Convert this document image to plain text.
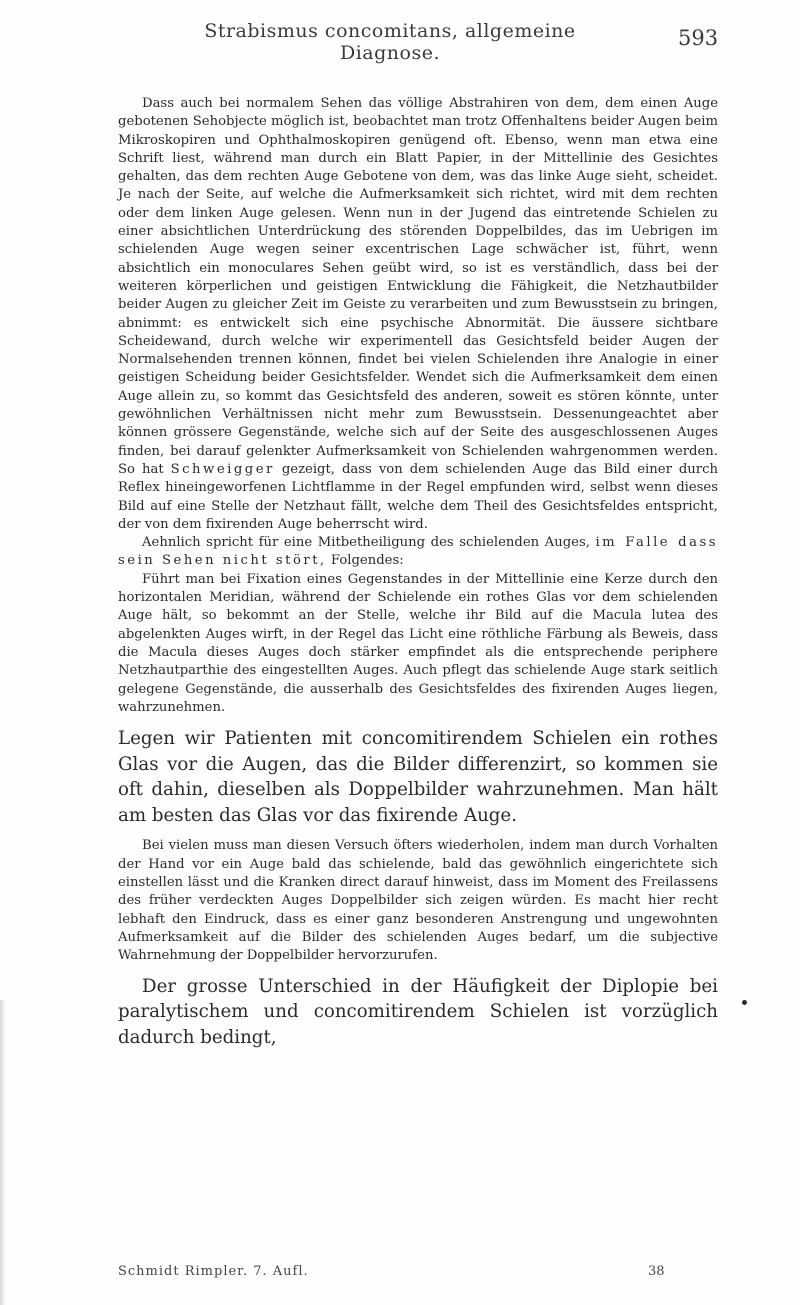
Strabismus concomitans, allgemeine Diagnose.
593

Dass auch bei normalem Sehen das völlige Abstrahiren von dem, dem einen Auge gebotenen Sehobjecte möglich ist, beobachtet man trotz Offenhaltens beider Augen beim Mikroskopiren und Ophthalmoskopiren genügend oft. Ebenso, wenn man etwa eine Schrift liest, während man durch ein Blatt Papier, in der Mittellinie des Gesichtes gehalten, das dem rechten Auge Gebotene von dem, was das linke Auge sieht, scheidet. Je nach der Seite, auf welche die Aufmerksamkeit sich richtet, wird mit dem rechten oder dem linken Auge gelesen. Wenn nun in der Jugend das eintretende Schielen zu einer absichtlichen Unterdrückung des störenden Doppelbildes, das im Uebrigen im schielenden Auge wegen seiner excentrischen Lage schwächer ist, führt, wenn absichtlich ein monoculares Sehen geübt wird, so ist es verständlich, dass bei der weiteren körperlichen und geistigen Entwicklung die Fähigkeit, die Netzhautbilder beider Augen zu gleicher Zeit im Geiste zu verarbeiten und zum Bewusstsein zu bringen, abnimmt: es entwickelt sich eine psychische Abnormität. Die äussere sichtbare Scheidewand, durch welche wir experimentell das Gesichtsfeld beider Augen der Normalsehenden trennen können, findet bei vielen Schielenden ihre Analogie in einer geistigen Scheidung beider Gesichtsfelder. Wendet sich die Aufmerksamkeit dem einen Auge allein zu, so kommt das Gesichtsfeld des anderen, soweit es stören könnte, unter gewöhnlichen Verhältnissen nicht mehr zum Bewusstsein. Dessenungeachtet aber können grössere Gegenstände, welche sich auf der Seite des ausgeschlossenen Auges finden, bei darauf gelenkter Aufmerksamkeit von Schielenden wahrgenommen werden. So hat Schweigger gezeigt, dass von dem schielenden Auge das Bild einer durch Reflex hineingeworfenen Lichtflamme in der Regel empfunden wird, selbst wenn dieses Bild auf eine Stelle der Netzhaut fällt, welche dem Theil des Gesichtsfeldes entspricht, der von dem fixirenden Auge beherrscht wird.

Aehnlich spricht für eine Mitbetheiligung des schielenden Auges, im Falle dass sein Sehen nicht stört, Folgendes:

Führt man bei Fixation eines Gegenstandes in der Mittellinie eine Kerze durch den horizontalen Meridian, während der Schielende ein rothes Glas vor dem schielenden Auge hält, so bekommt an der Stelle, welche ihr Bild auf die Macula lutea des abgelenkten Auges wirft, in der Regel das Licht eine röthliche Färbung als Beweis, dass die Macula dieses Auges doch stärker empfindet als die entsprechende periphere Netzhautparthie des eingestellten Auges. Auch pflegt das schielende Auge stark seitlich gelegene Gegenstände, die ausserhalb des Gesichtsfeldes des fixirenden Auges liegen, wahrzunehmen.

Legen wir Patienten mit concomitirendem Schielen ein rothes Glas vor die Augen, das die Bilder differenzirt, so kommen sie oft dahin, dieselben als Doppelbilder wahrzunehmen. Man hält am besten das Glas vor das fixirende Auge.

Bei vielen muss man diesen Versuch öfters wiederholen, indem man durch Vorhalten der Hand vor ein Auge bald das schielende, bald das gewöhnlich eingerichtete sich einstellen lässt und die Kranken direct darauf hinweist, dass im Moment des Freilassens des früher verdeckten Auges Doppelbilder sich zeigen würden. Es macht hier recht lebhaft den Eindruck, dass es einer ganz besonderen Anstrengung und ungewohnten Aufmerksamkeit auf die Bilder des schielenden Auges bedarf, um die subjective Wahrnehmung der Doppelbilder hervorzurufen.

Der grosse Unterschied in der Häufigkeit der Diplopie bei paralytischem und concomitirendem Schielen ist vorzüglich dadurch bedingt,

Schmidt Rimpler. 7. Aufl.	38
